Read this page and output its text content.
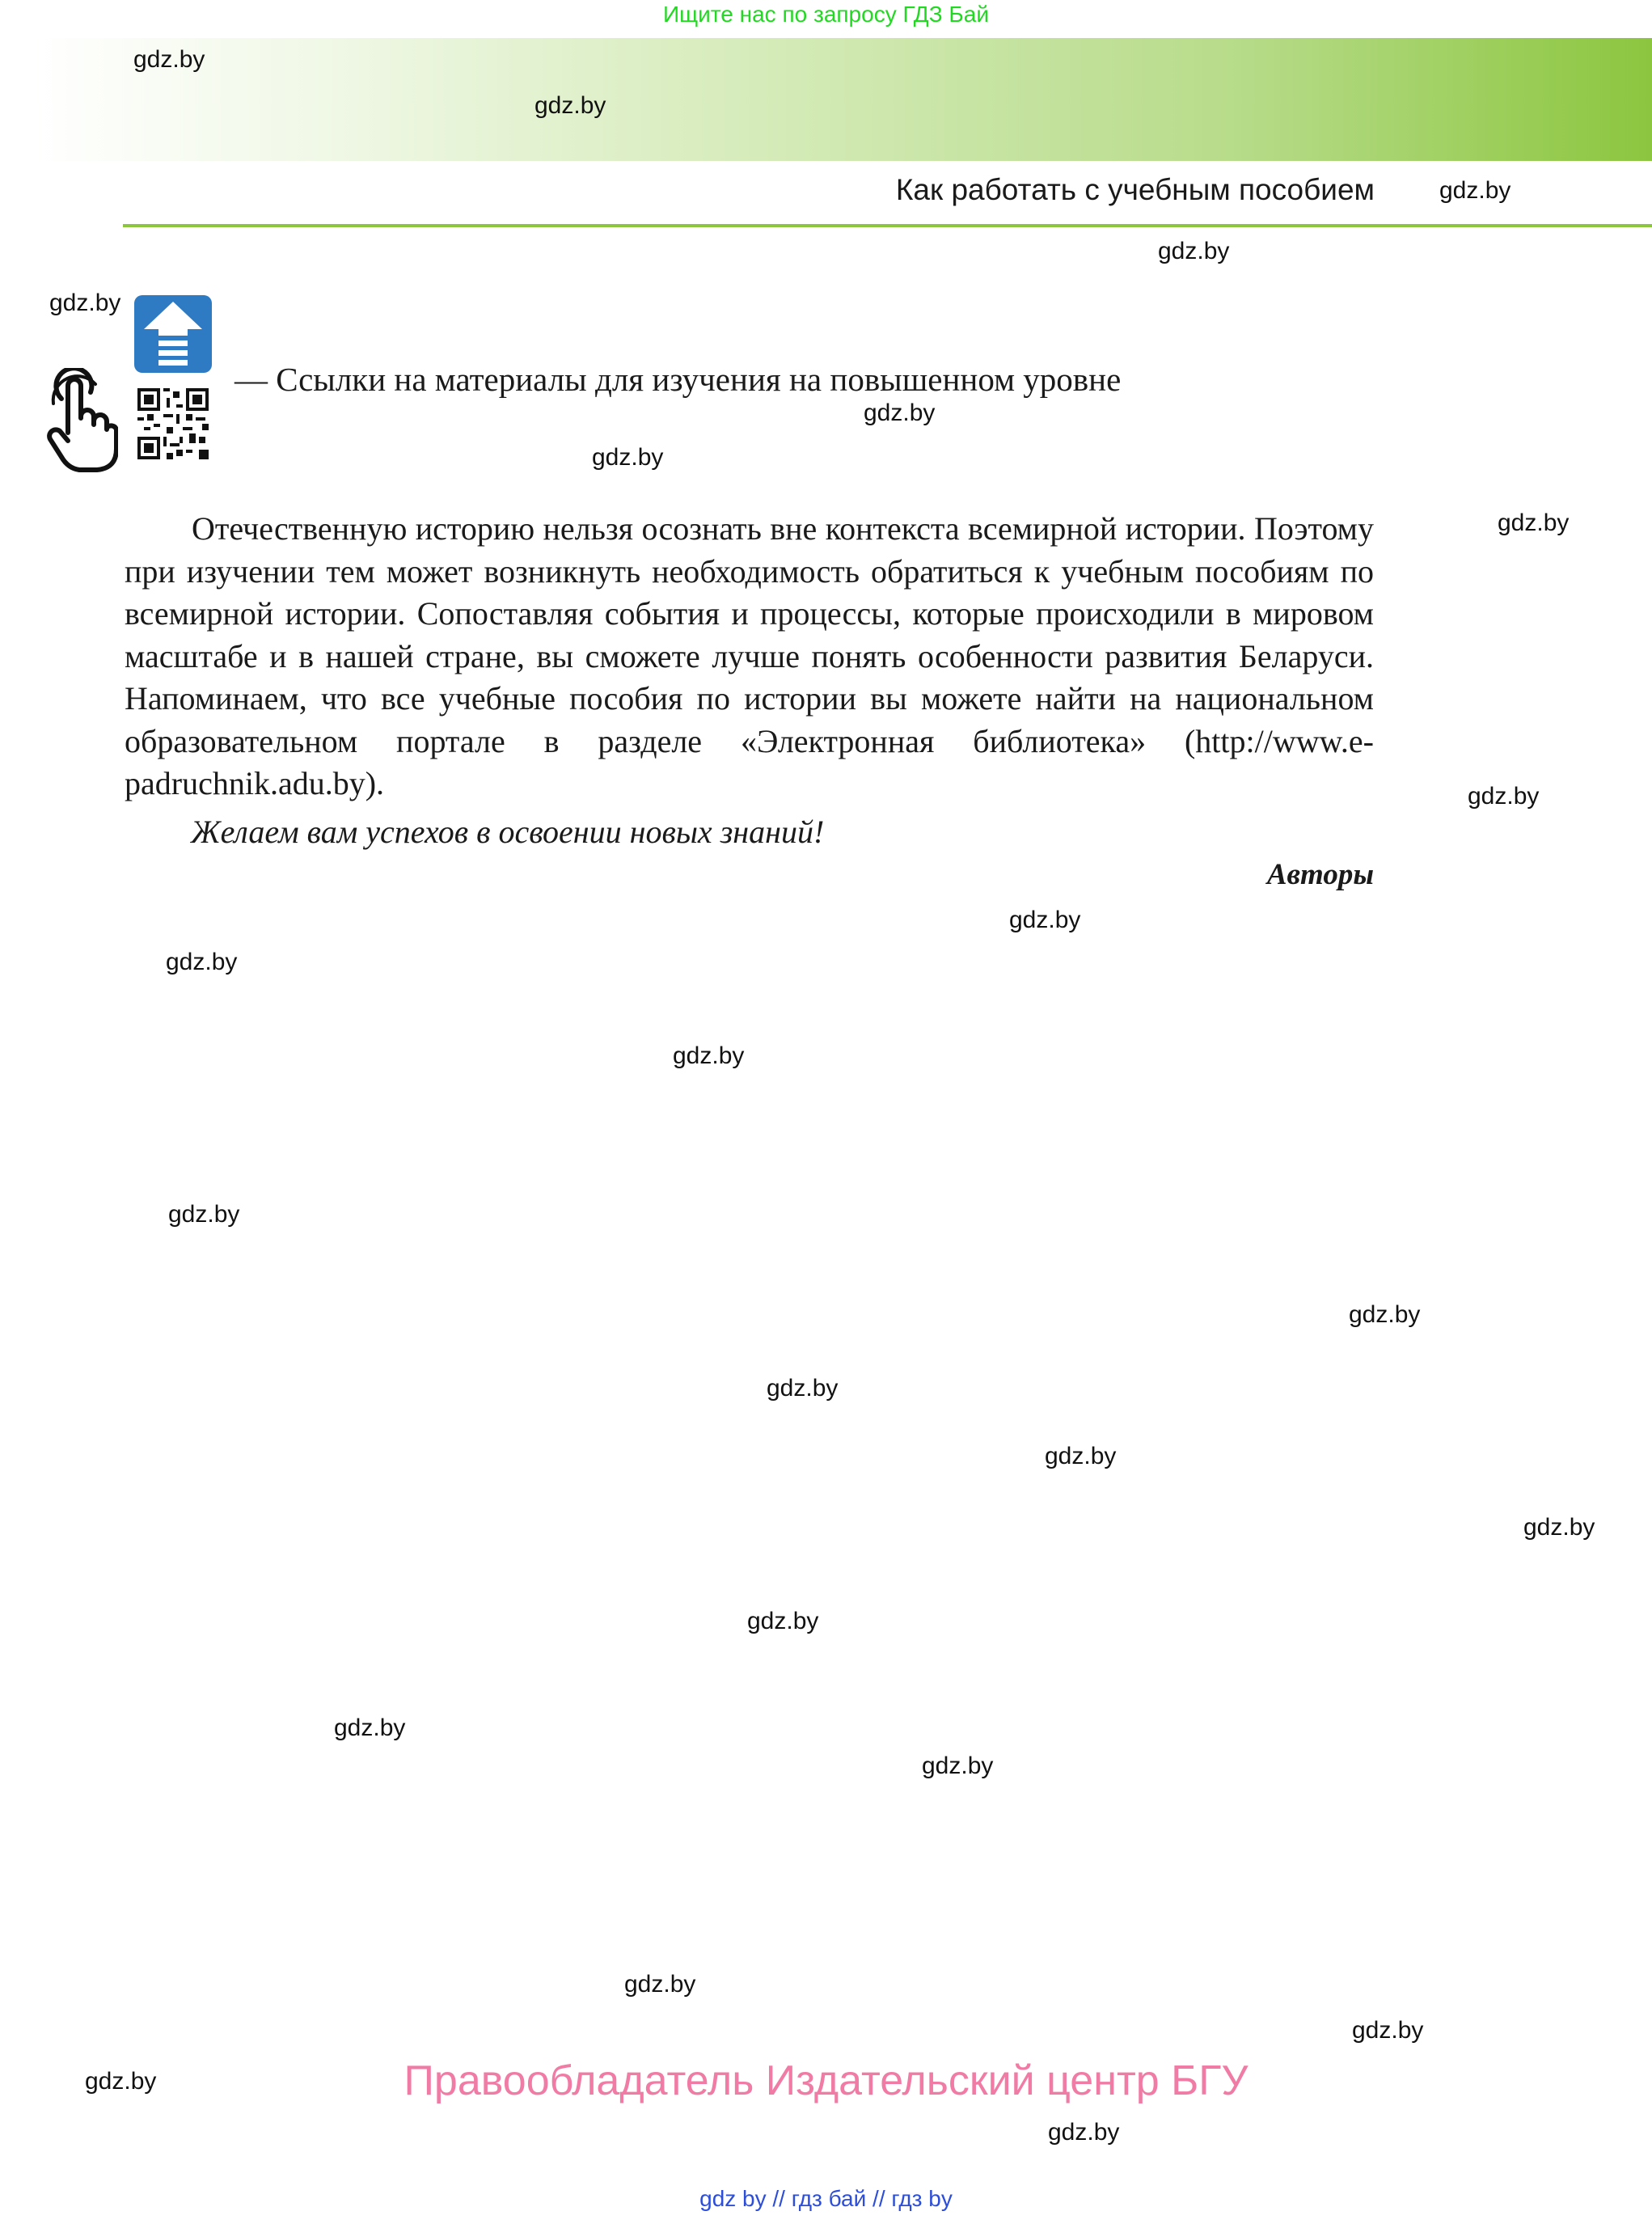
Ищите нас по запросу ГДЗ Бай
Как работать с учебным пособием
gdz.by
gdz.by
gdz.by
gdz.by
gdz.by
gdz.by
gdz.by
gdz.by
gdz.by
gdz.by
gdz.by
gdz.by
gdz.by
gdz.by
gdz.by
gdz.by
gdz.by
gdz.by
gdz.by
gdz.by
gdz.by
gdz.by
gdz.by
gdz.by
— Ссылки на материалы для изучения на повышенном уровне

Отечественную историю нельзя осознать вне контекста всемирной истории. Поэтому при изучении тем может возникнуть необходимость обратиться к учебным пособиям по всемирной истории. Сопоставляя события и процессы, которые происходили в мировом масштабе и в нашей стране, вы сможете лучше понять особенности развития Беларуси. Напоминаем, что все учебные пособия по истории вы можете найти на национальном образовательном портале в разделе «Электронная библиотека» (http://www.e-padruchnik.adu.by).

Желаем вам успехов в освоении новых знаний!
Авторы
Правообладатель Издательский центр БГУ
gdz by // гдз бай // гдз by
